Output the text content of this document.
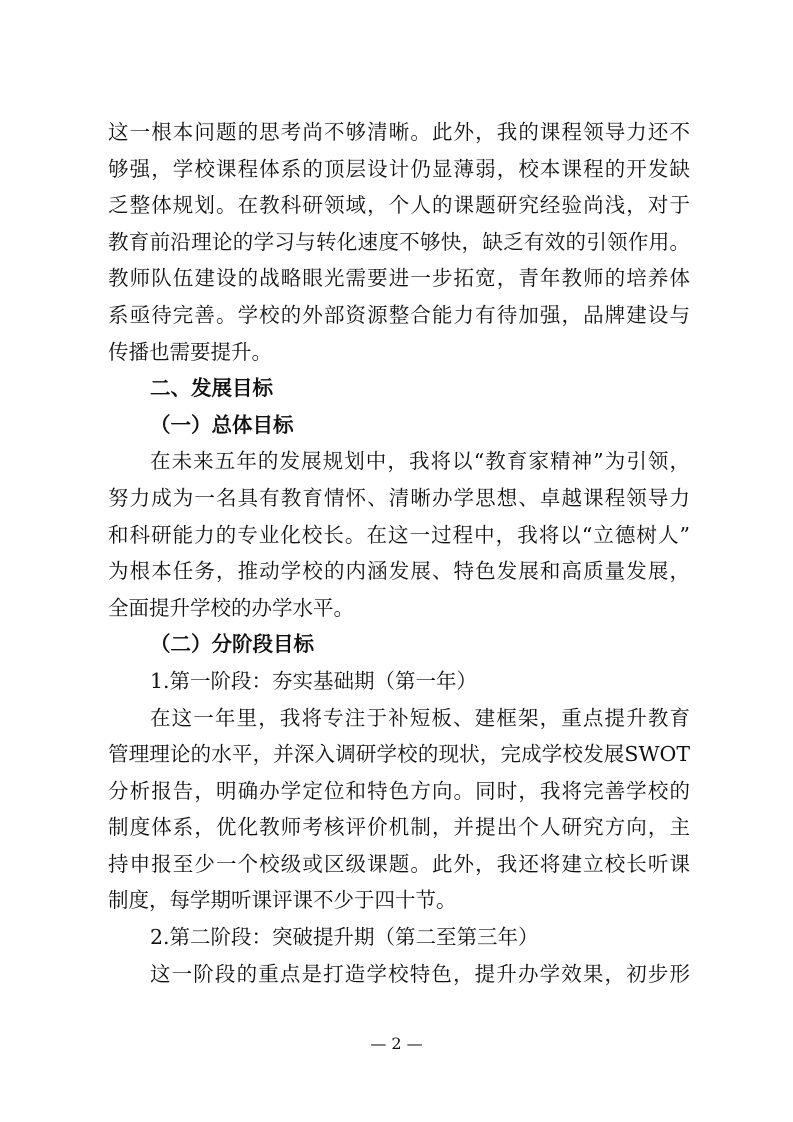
这一根本问题的思考尚不够清晰。此外，我的课程领导力还不
够强，学校课程体系的顶层设计仍显薄弱，校本课程的开发缺
乏整体规划。在教科研领域，个人的课题研究经验尚浅，对于
教育前沿理论的学习与转化速度不够快，缺乏有效的引领作用。
教师队伍建设的战略眼光需要进一步拓宽，青年教师的培养体
系亟待完善。学校的外部资源整合能力有待加强，品牌建设与
传播也需要提升。
二、发展目标
（一）总体目标
在未来五年的发展规划中，我将以“教育家精神”为引领，
努力成为一名具有教育情怀、清晰办学思想、卓越课程领导力
和科研能力的专业化校长。在这一过程中，我将以“立德树人”
为根本任务，推动学校的内涵发展、特色发展和高质量发展，
全面提升学校的办学水平。
（二）分阶段目标
1.第一阶段：夯实基础期（第一年）
在这一年里，我将专注于补短板、建框架，重点提升教育
管理理论的水平，并深入调研学校的现状，完成学校发展SWOT
分析报告，明确办学定位和特色方向。同时，我将完善学校的
制度体系，优化教师考核评价机制，并提出个人研究方向，主
持申报至少一个校级或区级课题。此外，我还将建立校长听课
制度，每学期听课评课不少于四十节。
2.第二阶段：突破提升期（第二至第三年）
这一阶段的重点是打造学校特色，提升办学效果，初步形
— 2 —
